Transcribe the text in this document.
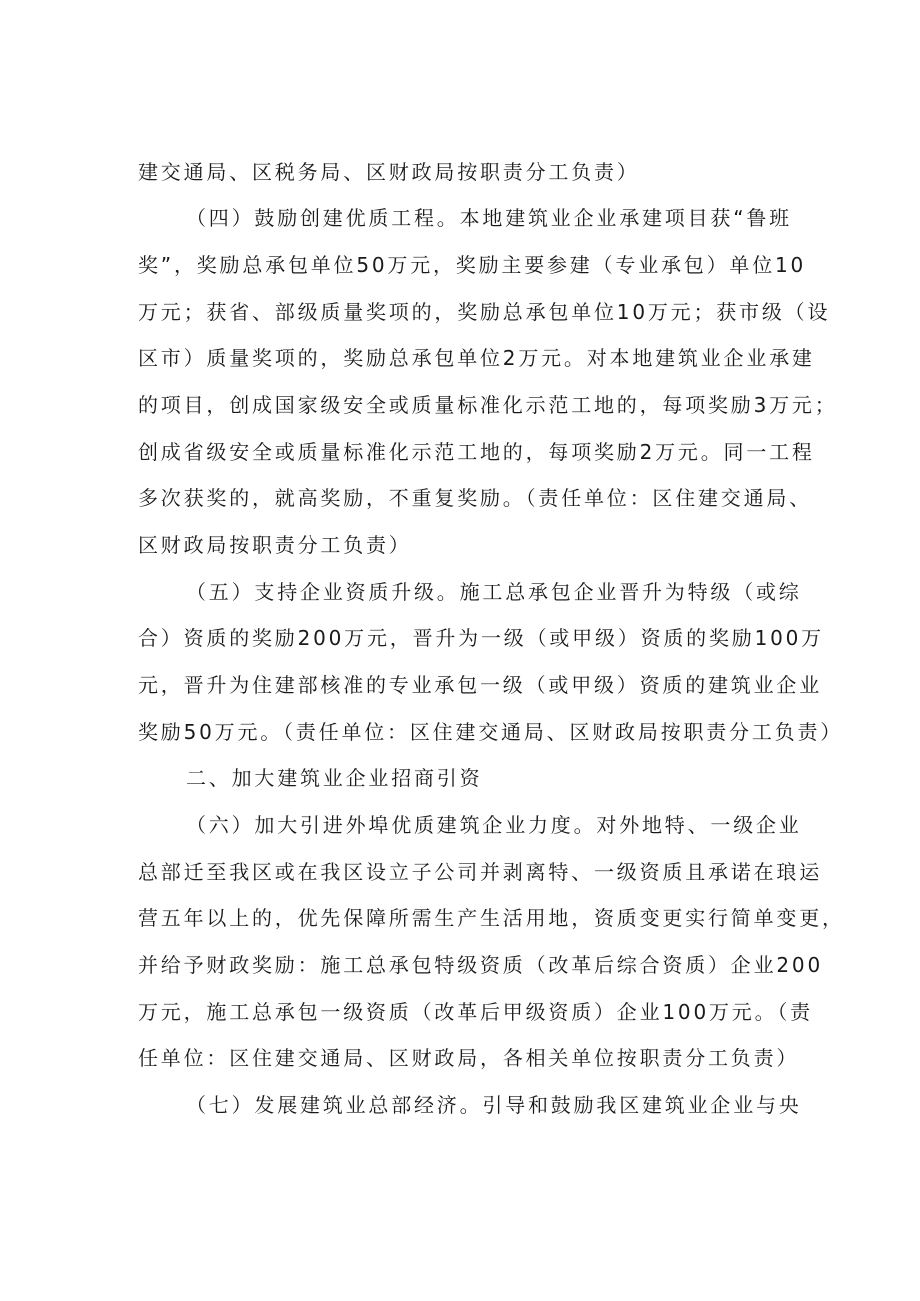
建交通局、区税务局、区财政局按职责分工负责）
（四）鼓励创建优质工程。本地建筑业企业承建项目获“鲁班
奖”，奖励总承包单位50万元，奖励主要参建（专业承包）单位10
万元；获省、部级质量奖项的，奖励总承包单位10万元；获市级（设
区市）质量奖项的，奖励总承包单位2万元。对本地建筑业企业承建
的项目，创成国家级安全或质量标准化示范工地的，每项奖励3万元；
创成省级安全或质量标准化示范工地的，每项奖励2万元。同一工程
多次获奖的，就高奖励，不重复奖励。（责任单位：区住建交通局、
区财政局按职责分工负责）
（五）支持企业资质升级。施工总承包企业晋升为特级（或综
合）资质的奖励200万元，晋升为一级（或甲级）资质的奖励100万
元，晋升为住建部核准的专业承包一级（或甲级）资质的建筑业企业
奖励50万元。（责任单位：区住建交通局、区财政局按职责分工负责）
二、加大建筑业企业招商引资
（六）加大引进外埠优质建筑企业力度。对外地特、一级企业
总部迁至我区或在我区设立子公司并剥离特、一级资质且承诺在琅运
营五年以上的，优先保障所需生产生活用地，资质变更实行简单变更，
并给予财政奖励：施工总承包特级资质（改革后综合资质）企业200
万元，施工总承包一级资质（改革后甲级资质）企业100万元。（责
任单位：区住建交通局、区财政局，各相关单位按职责分工负责）
（七）发展建筑业总部经济。引导和鼓励我区建筑业企业与央
